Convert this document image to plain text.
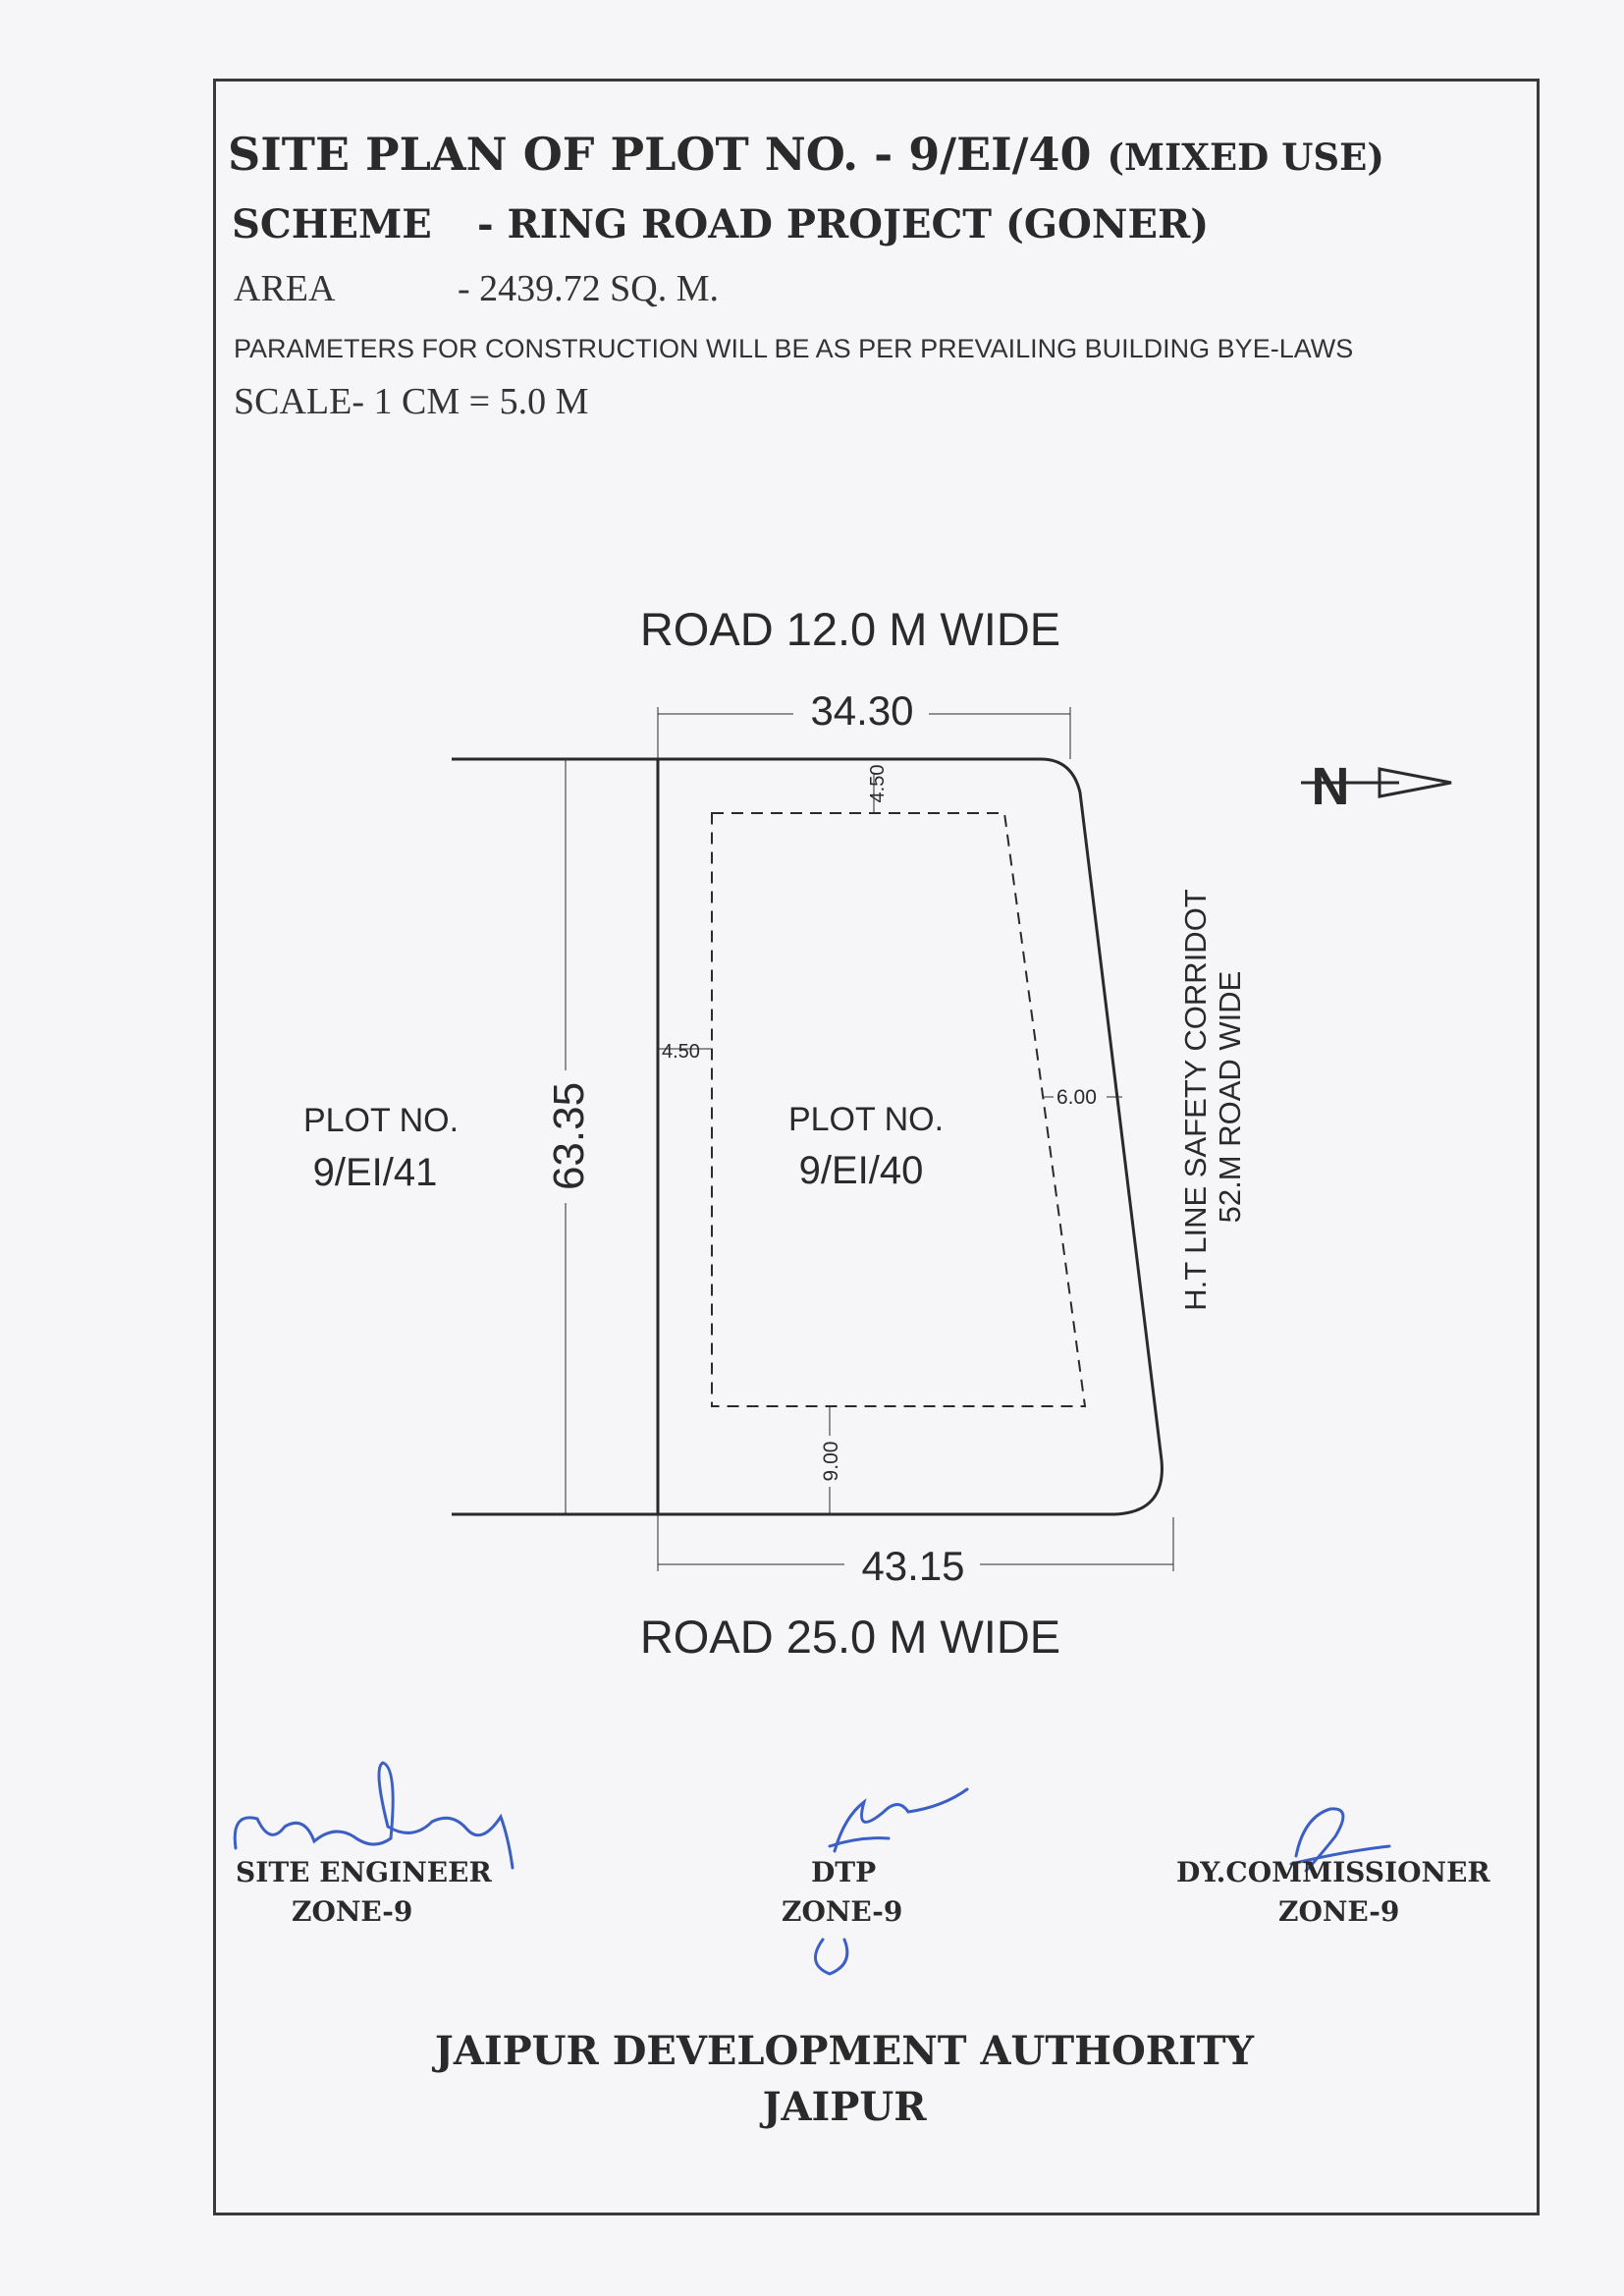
SITE PLAN OF PLOT NO. - 9/EI/40 (MIXED USE)
SCHEME - RING ROAD PROJECT (GONER)
AREA	- 2439.72 SQ. M.
PARAMETERS FOR CONSTRUCTION WILL BE AS PER PREVAILING BUILDING BYE-LAWS
SCALE- 1 CM = 5.0 M
ROAD 12.0 M WIDE
ROAD 25.0 M WIDE
34.30
43.15
63.35
4.50
4.50
6.00
9.00
PLOT NO.
9/EI/40
PLOT NO.
9/EI/41	H.T LINE SAFETY CORRIDOT 52.M ROAD WIDE
N
SITE ENGINEER
ZONE-9
DTP
ZONE-9
DY.COMMISSIONER
ZONE-9
JAIPUR DEVELOPMENT AUTHORITY
JAIPUR
